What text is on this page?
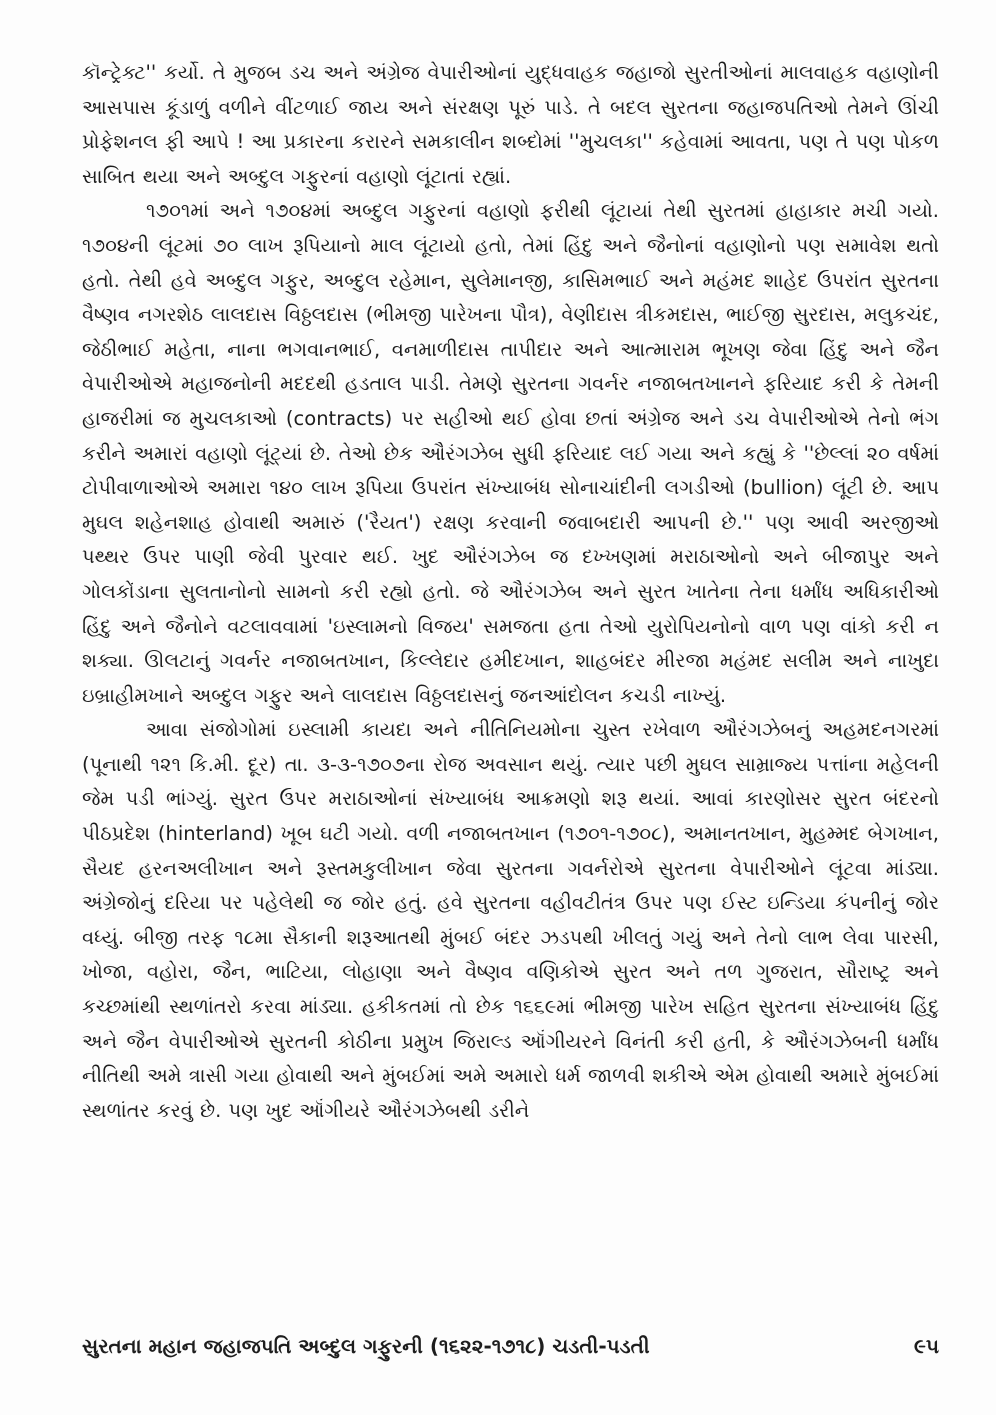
કૉન્ટ્રેક્ટ'' કર્યો. તે મુજબ ડચ અને અંગ્રેજ વેપારીઓનાં યુદ્ધવાહક જહાજો સુરતીઓનાં માલવાહક વહાણોની આસપાસ કૂંડાળું વળીને વીંટળાઈ જાય અને સંરક્ષણ પૂરું પાડે. તે બદલ સુરતના જહાજપતિઓ તેમને ઊંચી પ્રોફેશનલ ફી આપે ! આ પ્રકારના કરારને સમકાલીન શબ્દોમાં ''મુચલકા'' કહેવામાં આવતા, પણ તે પણ પોકળ સાબિત થયા અને અબ્દુલ ગફુરનાં વહાણો લૂંટાતાં રહ્યાં.

૧૭૦૧માં અને ૧૭૦૪માં અબ્દુલ ગફુરનાં વહાણો ફરીથી લૂંટાયાં તેથી સુરતમાં હાહાકાર મચી ગયો. ૧૭૦૪ની લૂંટમાં ૭૦ લાખ રૂપિયાનો માલ લૂંટાયો હતો, તેમાં હિંદુ અને જૈનોનાં વહાણોનો પણ સમાવેશ થતો હતો. તેથી હવે અબ્દુલ ગફુર, અબ્દુલ રહેમાન, સુલેમાનજી, કાસિમભાઈ અને મહંમદ શાહેદ ઉપરાંત સુરતના વૈષ્ણવ નગરશેઠ લાલદાસ વિઠ્ઠલદાસ (ભીમજી પારેખના પૌત્ર), વેણીદાસ ત્રીકમદાસ, ભાઈજી સુરદાસ, મલુકચંદ, જેઠીભાઈ મહેતા, નાના ભગવાનભાઈ, વનમાળીદાસ તાપીદાર અને આત્મારામ ભૂખણ જેવા હિંદુ અને જૈન વેપારીઓએ મહાજનોની મદદથી હડતાલ પાડી. તેમણે સુરતના ગવર્નર નજાબતખાનને ફરિયાદ કરી કે તેમની હાજરીમાં જ મુચલકાઓ (contracts) પર સહીઓ થઈ હોવા છતાં અંગ્રેજ અને ડચ વેપારીઓએ તેનો ભંગ કરીને અમારાં વહાણો લૂંટ્યાં છે. તેઓ છેક ઔરંગઝેબ સુધી ફરિયાદ લઈ ગયા અને કહ્યું કે ''છેલ્લાં ૨૦ વર્ષમાં ટોપીવાળાઓએ અમારા ૧૪૦ લાખ રૂપિયા ઉપરાંત સંખ્યાબંધ સોનાચાંદીની લગડીઓ (bullion) લૂંટી છે. આપ મુઘલ શહેનશાહ હોવાથી અમારું ('રૈયત') રક્ષણ કરવાની જવાબદારી આપની છે.'' પણ આવી અરજીઓ પથ્થર ઉપર પાણી જેવી પુરવાર થઈ. ખુદ ઔરંગઝેબ જ દખ્ખણમાં મરાઠાઓનો અને બીજાપુર અને ગોલકોંડાના સુલતાનોનો સામનો કરી રહ્યો હતો. જે ઔરંગઝેબ અને સુરત ખાતેના તેના ધર્માંધ અધિકારીઓ હિંદુ અને જૈનોને વટલાવવામાં 'ઇસ્લામનો વિજય' સમજતા હતા તેઓ યુરોપિયનોનો વાળ પણ વાંકો કરી ન શક્યા. ઊલટાનું ગવર્નર નજાબતખાન, કિલ્લેદાર હમીદખાન, શાહબંદર મીરજા મહંમદ સલીમ અને નાખુદા ઇબ્રાહીમખાને અબ્દુલ ગફુર અને લાલદાસ વિઠ્ઠલદાસનું જનઆંદોલન કચડી નાખ્યું.

આવા સંજોગોમાં ઇસ્લામી કાયદા અને નીતિનિયમોના ચુસ્ત રખેવાળ ઔરંગઝેબનું અહમદનગરમાં (પૂનાથી ૧૨૧ કિ.મી. દૂર) તા. ૩-૩-૧૭૦૭ના રોજ અવસાન થયું. ત્યાર પછી મુઘલ સામ્રાજ્ય પત્તાંના મહેલની જેમ પડી ભાંગ્યું. સુરત ઉપર મરાઠાઓનાં સંખ્યાબંધ આક્રમણો શરૂ થયાં. આવાં કારણોસર સુરત બંદરનો પીઠપ્રદેશ (hinterland) ખૂબ ઘટી ગયો. વળી નજાબતખાન (૧૭૦૧-૧૭૦૮), અમાનતખાન, મુહમ્મદ બેગખાન, સૈયદ હરનઅલીખાન અને રૂસ્તમકુલીખાન જેવા સુરતના ગવર્નરોએ સુરતના વેપારીઓને લૂંટવા માંડ્યા. અંગ્રેજોનું દરિયા પર પહેલેથી જ જોર હતું. હવે સુરતના વહીવટીતંત્ર ઉપર પણ ઈસ્ટ ઇન્ડિયા કંપનીનું જોર વધ્યું. બીજી તરફ ૧૮મા સૈકાની શરૂઆતથી મુંબઈ બંદર ઝડપથી ખીલતું ગયું અને તેનો લાભ લેવા પારસી, ખોજા, વહોરા, જૈન, ભાટિયા, લોહાણા અને વૈષ્ણવ વણિકોએ સુરત અને તળ ગુજરાત, સૌરાષ્ટ્ર અને કચ્છમાંથી સ્થળાંતરો કરવા માંડ્યા. હકીકતમાં તો છેક ૧૬૬૯માં ભીમજી પારેખ સહિત સુરતના સંખ્યાબંધ હિંદુ અને જૈન વેપારીઓએ સુરતની કોઠીના પ્રમુખ જિરાલ્ડ ઑંગીયરને વિનંતી કરી હતી, કે ઔરંગઝેબની ધર્માંધ નીતિથી અમે ત્રાસી ગયા હોવાથી અને મુંબઈમાં અમે અમારો ધર્મ જાળવી શકીએ એમ હોવાથી અમારે મુંબઈમાં સ્થળાંતર કરવું છે. પણ ખુદ ઑંગીયરે ઔરંગઝેબથી ડરીને

સુરતના મહાન જહાજપતિ અબ્દુલ ગફુરની (૧૬૨૨-૧૭૧૮) ચડતી-પડતી	૯૫
